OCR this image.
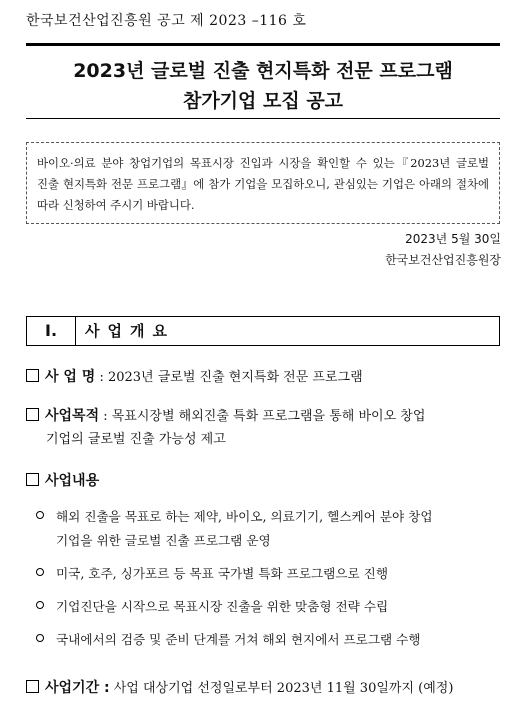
한국보건산업진흥원 공고 제 2023 –116 호
2023년 글로벌 진출 현지특화 전문 프로그램
참가기업 모집 공고
바이오·의료 분야 창업기업의 목표시장 진입과 시장을 확인할 수 있는『2023년 글로벌 진출 현지특화 전문 프로그램』에 참가 기업을 모집하오니, 관심있는 기업은 아래의 절차에 따라 신청하여 주시기 바랍니다.
2023년 5월 30일
한국보건산업진흥원장
Ⅰ.	사업개요
사 업 명 : 2023년 글로벌 진출 현지특화 전문 프로그램
사업목적 : 목표시장별 해외진출 특화 프로그램을 통해 바이오 창업
기업의 글로벌 진출 가능성 제고
사업내용
해외 진출을 목표로 하는 제약, 바이오, 의료기기, 헬스케어 분야 창업
기업을 위한 글로벌 진출 프로그램 운영
미국, 호주, 싱가포르 등 목표 국가별 특화 프로그램으로 진행
기업진단을 시작으로 목표시장 진출을 위한 맞춤형 전략 수립
국내에서의 검증 및 준비 단계를 거쳐 해외 현지에서 프로그램 수행
사업기간 : 사업 대상기업 선정일로부터 2023년 11월 30일까지 (예정)
